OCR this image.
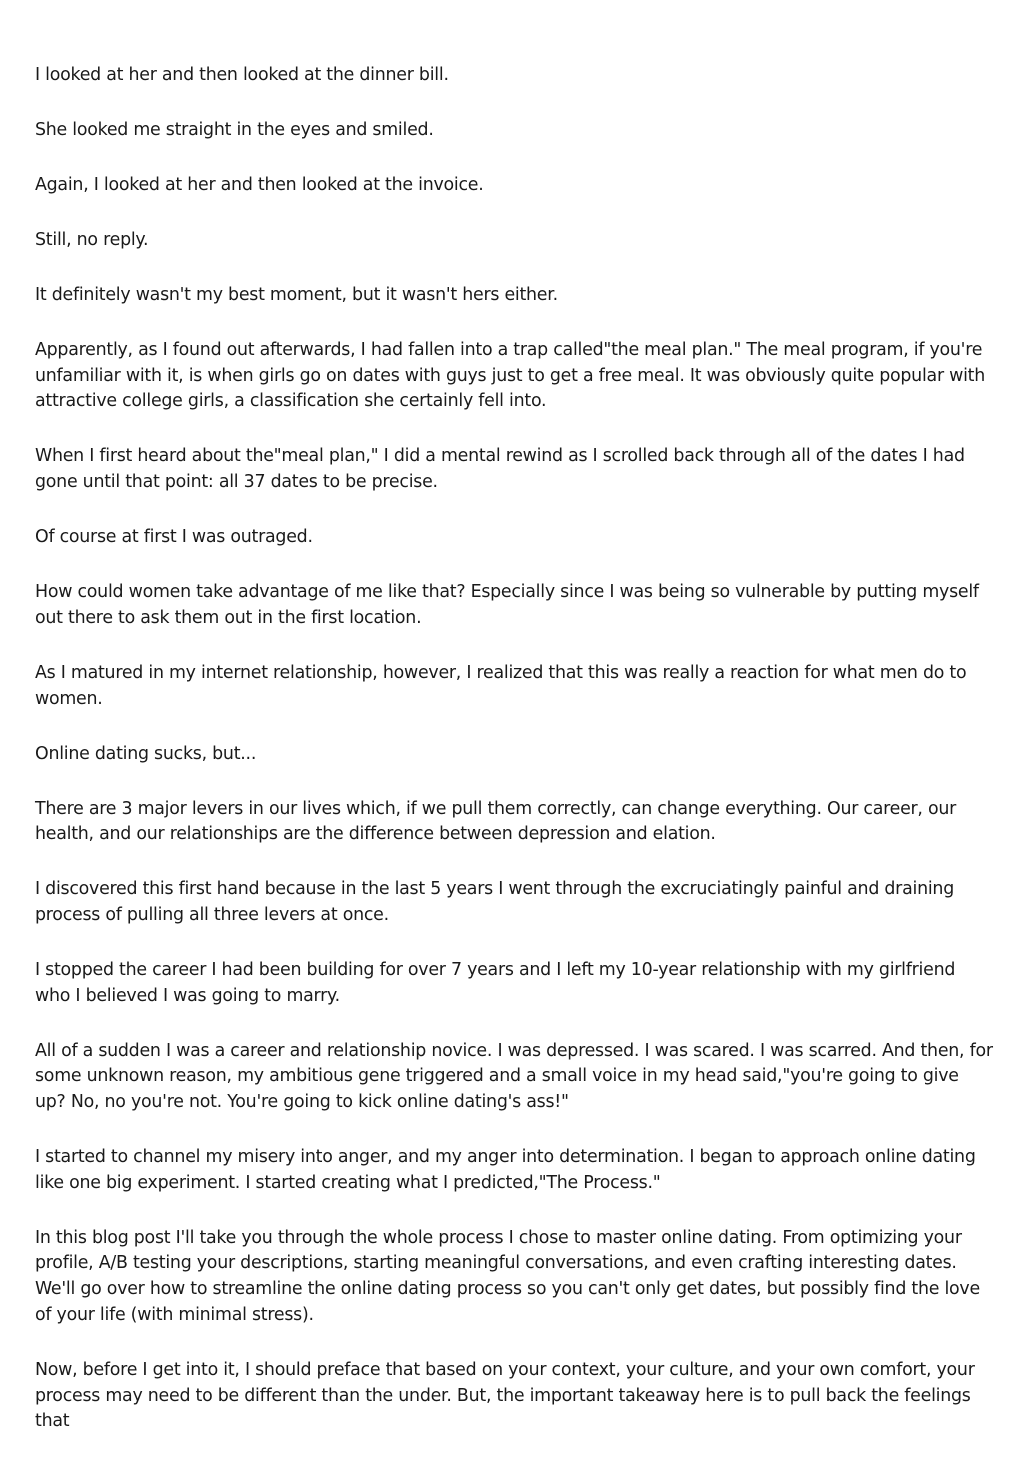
I looked at her and then looked at the dinner bill.

She looked me straight in the eyes and smiled.

Again, I looked at her and then looked at the invoice.

Still, no reply.

It definitely wasn't my best moment, but it wasn't hers either.

Apparently, as I found out afterwards, I had fallen into a trap called"the meal plan." The meal program, if you're unfamiliar with it, is when girls go on dates with guys just to get a free meal. It was obviously quite popular with attractive college girls, a classification she certainly fell into.

When I first heard about the"meal plan," I did a mental rewind as I scrolled back through all of the dates I had gone until that point: all 37 dates to be precise.

Of course at first I was outraged.

How could women take advantage of me like that? Especially since I was being so vulnerable by putting myself out there to ask them out in the first location.

As I matured in my internet relationship, however, I realized that this was really a reaction for what men do to women.

Online dating sucks, but...

There are 3 major levers in our lives which, if we pull them correctly, can change everything. Our career, our health, and our relationships are the difference between depression and elation.

I discovered this first hand because in the last 5 years I went through the excruciatingly painful and draining process of pulling all three levers at once.

I stopped the career I had been building for over 7 years and I left my 10-year relationship with my girlfriend who I believed I was going to marry.

All of a sudden I was a career and relationship novice. I was depressed. I was scared. I was scarred. And then, for some unknown reason, my ambitious gene triggered and a small voice in my head said,"you're going to give up? No, no you're not. You're going to kick online dating's ass!"

I started to channel my misery into anger, and my anger into determination. I began to approach online dating like one big experiment. I started creating what I predicted,"The Process."

In this blog post I'll take you through the whole process I chose to master online dating. From optimizing your profile, A/B testing your descriptions, starting meaningful conversations, and even crafting interesting dates. We'll go over how to streamline the online dating process so you can't only get dates, but possibly find the love of your life (with minimal stress).

Now, before I get into it, I should preface that based on your context, your culture, and your own comfort, your process may need to be different than the under. But, the important takeaway here is to pull back the feelings that
